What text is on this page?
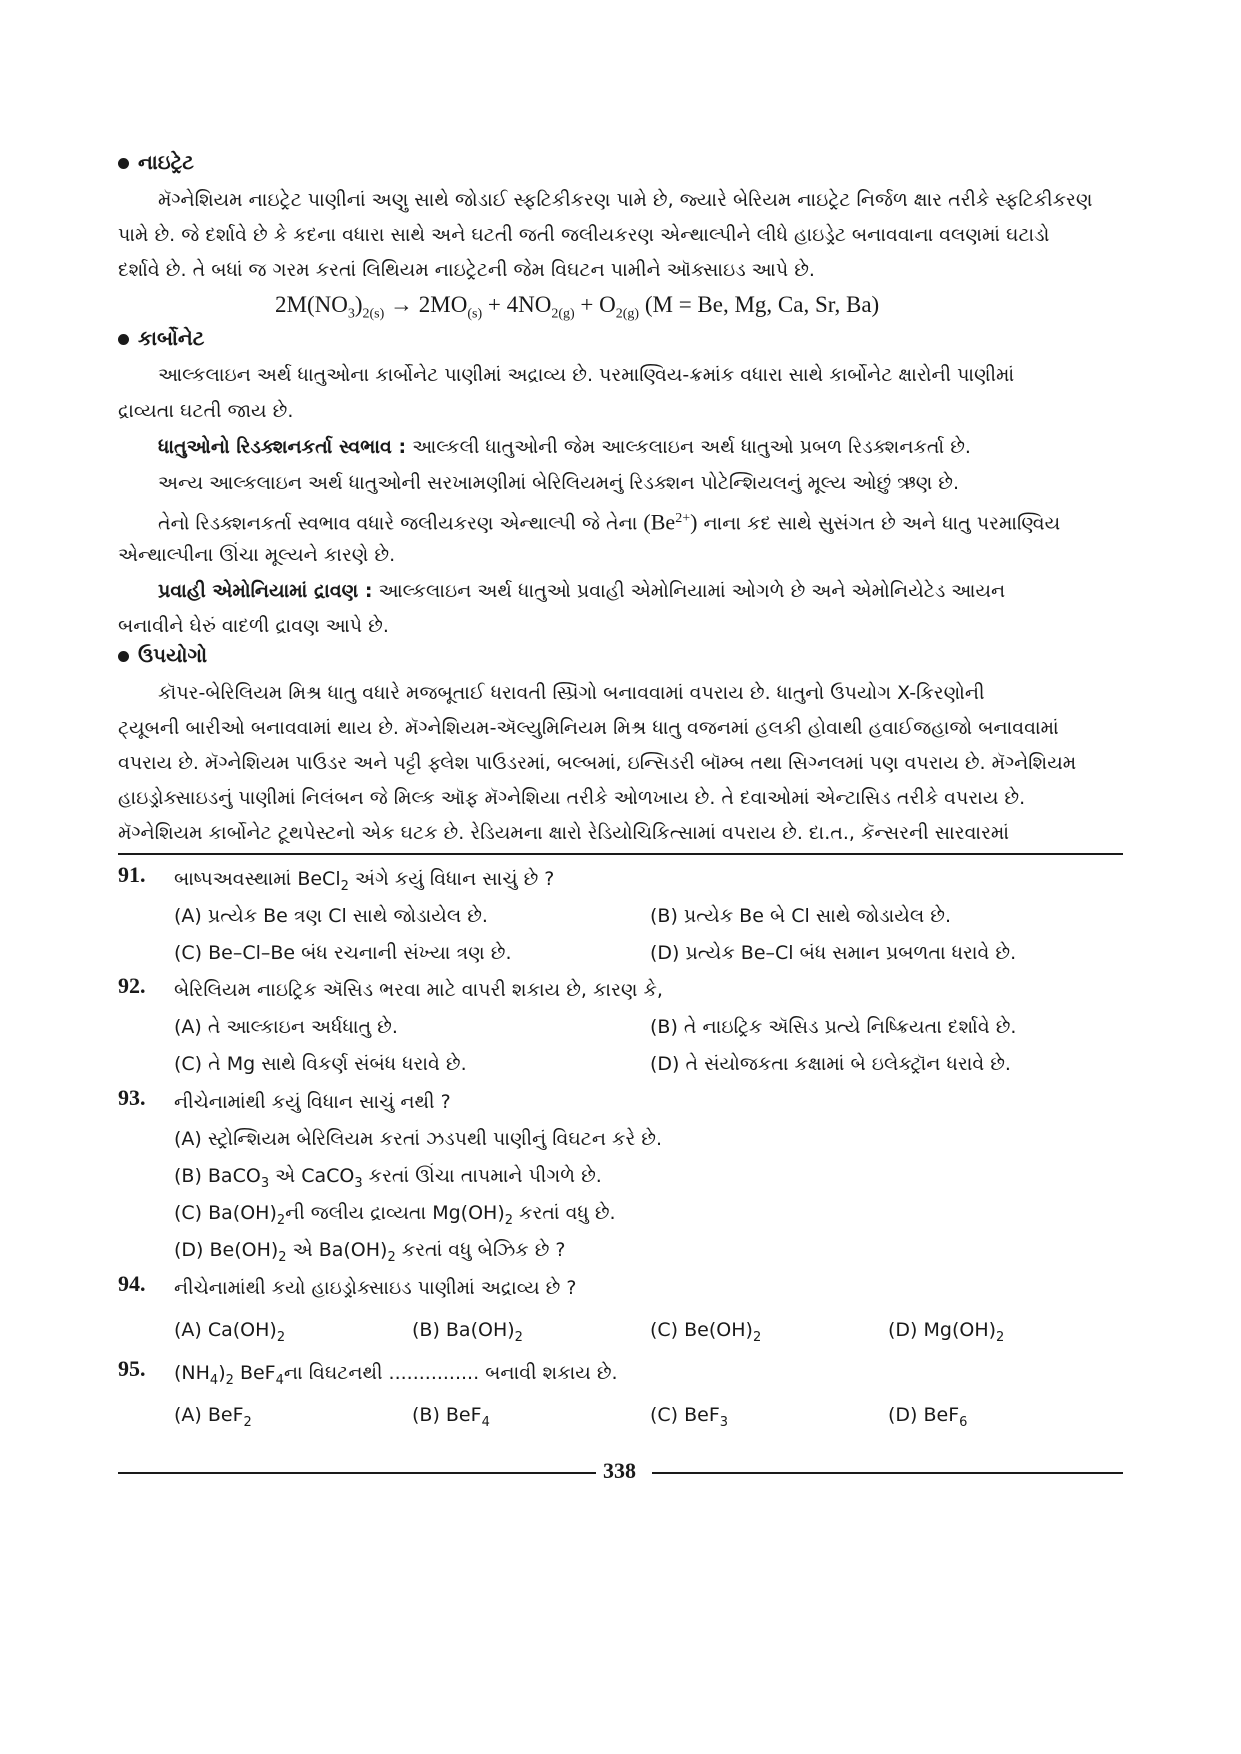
નાઇટ્રેટ
મૅગ્નેશિયમ નાઇટ્રેટ પાણીનાં અણુ સાથે જોડાઈ સ્ફટિકીકરણ પામે છે, જ્યારે બેરિયમ નાઇટ્રેટ નિર્જળ ક્ષાર તરીકે સ્ફટિકીકરણ
પામે છે. જે દર્શાવે છે કે કદના વધારા સાથે અને ઘટતી જતી જલીયકરણ એન્થાલ્પીને લીધે હાઇડ્રેટ બનાવવાના વલણમાં ઘટાડો
દર્શાવે છે. તે બધાં જ ગરમ કરતાં લિથિયમ નાઇટ્રેટની જેમ વિઘટન પામીને ઑક્સાઇડ આપે છે.
$2M(NO_3)_{2(s)} \to 2MO_{(s)} + 4NO_{2(g)} + O_{2(g)}$ (M = Be, Mg, Ca, Sr, Ba)
કાર્બોનેટ
આલ્કલાઇન અર્થ ધાતુઓના કાર્બોનેટ પાણીમાં અદ્રાવ્ય છે. પરમાણ્વિય-ક્રમાંક વધારા સાથે કાર્બોનેટ ક્ષારોની પાણીમાં
દ્રાવ્યતા ઘટતી જાય છે.
ધાતુઓનો રિડક્શનકર્તા સ્વભાવ : આલ્કલી ધાતુઓની જેમ આલ્કલાઇન અર્થ ધાતુઓ પ્રબળ રિડક્શનકર્તા છે.
અન્ય આલ્કલાઇન અર્થ ધાતુઓની સરખામણીમાં બેરિલિયમનું રિડક્શન પોટેન્શિયલનું મૂલ્ય ઓછું ઋણ છે.
તેનો રિડક્શનકર્તા સ્વભાવ વધારે જલીયકરણ એન્થાલ્પી જે તેના $(Be^{2+})$ નાના કદ સાથે સુસંગત છે અને ધાતુ પરમાણ્વિય
એન્થાલ્પીના ઊંચા મૂલ્યને કારણે છે.
પ્રવાહી એમોનિયામાં દ્રાવણ : આલ્કલાઇન અર્થ ધાતુઓ પ્રવાહી એમોનિયામાં ઓગળે છે અને એમોનિયેટેડ આયન
બનાવીને ઘેરું વાદળી દ્રાવણ આપે છે.
ઉપયોગો
કૉપર-બેરિલિયમ મિશ્ર ધાતુ વધારે મજબૂતાઈ ધરાવતી સ્પ્રિંગો બનાવવામાં વપરાય છે. ધાતુનો ઉપયોગ X-કિરણોની
ટ્યૂબની બારીઓ બનાવવામાં થાય છે. મૅગ્નેશિયમ-ઍલ્યુમિનિયમ મિશ્ર ધાતુ વજનમાં હલકી હોવાથી હવાઈજહાજો બનાવવામાં
વપરાય છે. મૅગ્નેશિયમ પાઉડર અને પટ્ટી ફ્લેશ પાઉડરમાં, બલ્બમાં, ઇન્સિડરી બૉમ્બ તથા સિગ્નલમાં પણ વપરાય છે. મૅગ્નેશિયમ
હાઇડ્રોક્સાઇડનું પાણીમાં નિલંબન જે મિલ્ક ઑફ મૅગ્નેશિયા તરીકે ઓળખાય છે. તે દવાઓમાં એન્ટાસિડ તરીકે વપરાય છે.
મૅગ્નેશિયમ કાર્બોનેટ ટૂથપેસ્ટનો એક ઘટક છે. રેડિયમના ક્ષારો રેડિયોચિકિત્સામાં વપરાય છે. દા.ત., કૅન્સરની સારવારમાં
91. બાષ્પઅવસ્થામાં BeCl$_2$ અંગે કયું વિધાન સાચું છે ?
(A) પ્રત્યેક Be ત્રણ Cl સાથે જોડાયેલ છે.	(B) પ્રત્યેક Be બે Cl સાથે જોડાયેલ છે.
(C) Be–Cl–Be બંધ રચનાની સંખ્યા ત્રણ છે.	(D) પ્રત્યેક Be–Cl બંધ સમાન પ્રબળતા ધરાવે છે.
92. બેરિલિયમ નાઇટ્રિક ઍસિડ ભરવા માટે વાપરી શકાય છે, કારણ કે,
(A) તે આલ્કાઇન અર્ધધાતુ છે.	(B) તે નાઇટ્રિક ઍસિડ પ્રત્યે નિષ્ક્રિયતા દર્શાવે છે.
(C) તે Mg સાથે વિકર્ણ સંબંધ ધરાવે છે.	(D) તે સંયોજકતા કક્ષામાં બે ઇલેક્ટ્રૉન ધરાવે છે.
93. નીચેનામાંથી કયું વિધાન સાચું નથી ?
(A) સ્ટ્રોન્શિયમ બેરિલિયમ કરતાં ઝડપથી પાણીનું વિઘટન કરે છે.
(B) BaCO$_3$ એ CaCO$_3$ કરતાં ઊંચા તાપમાને પીગળે છે.
(C) $Ba(OH)_2ની$ જલીય દ્રાવ્યતા $Mg(OH)_2$ કરતાં વધુ છે.
(D) $Be(OH)_2$ એ $Ba(OH)_2$ કરતાં વધુ બેઝિક છે ?
94. નીચેનામાંથી કયો હાઇડ્રોક્સાઇડ પાણીમાં અદ્રાવ્ય છે ?
(A) $Ca(OH)_2$	(B) $Ba(OH)_2$	(C) $Be(OH)_2$	(D) $Mg(OH)_2$
95. $(NH_4)_2$ BeF$_4$ના વિઘટનથી ............... બનાવી શકાય છે.
(A) BeF$_2$	(B) BeF$_4$	(C) BeF$_3$	(D) BeF$_6$
338
